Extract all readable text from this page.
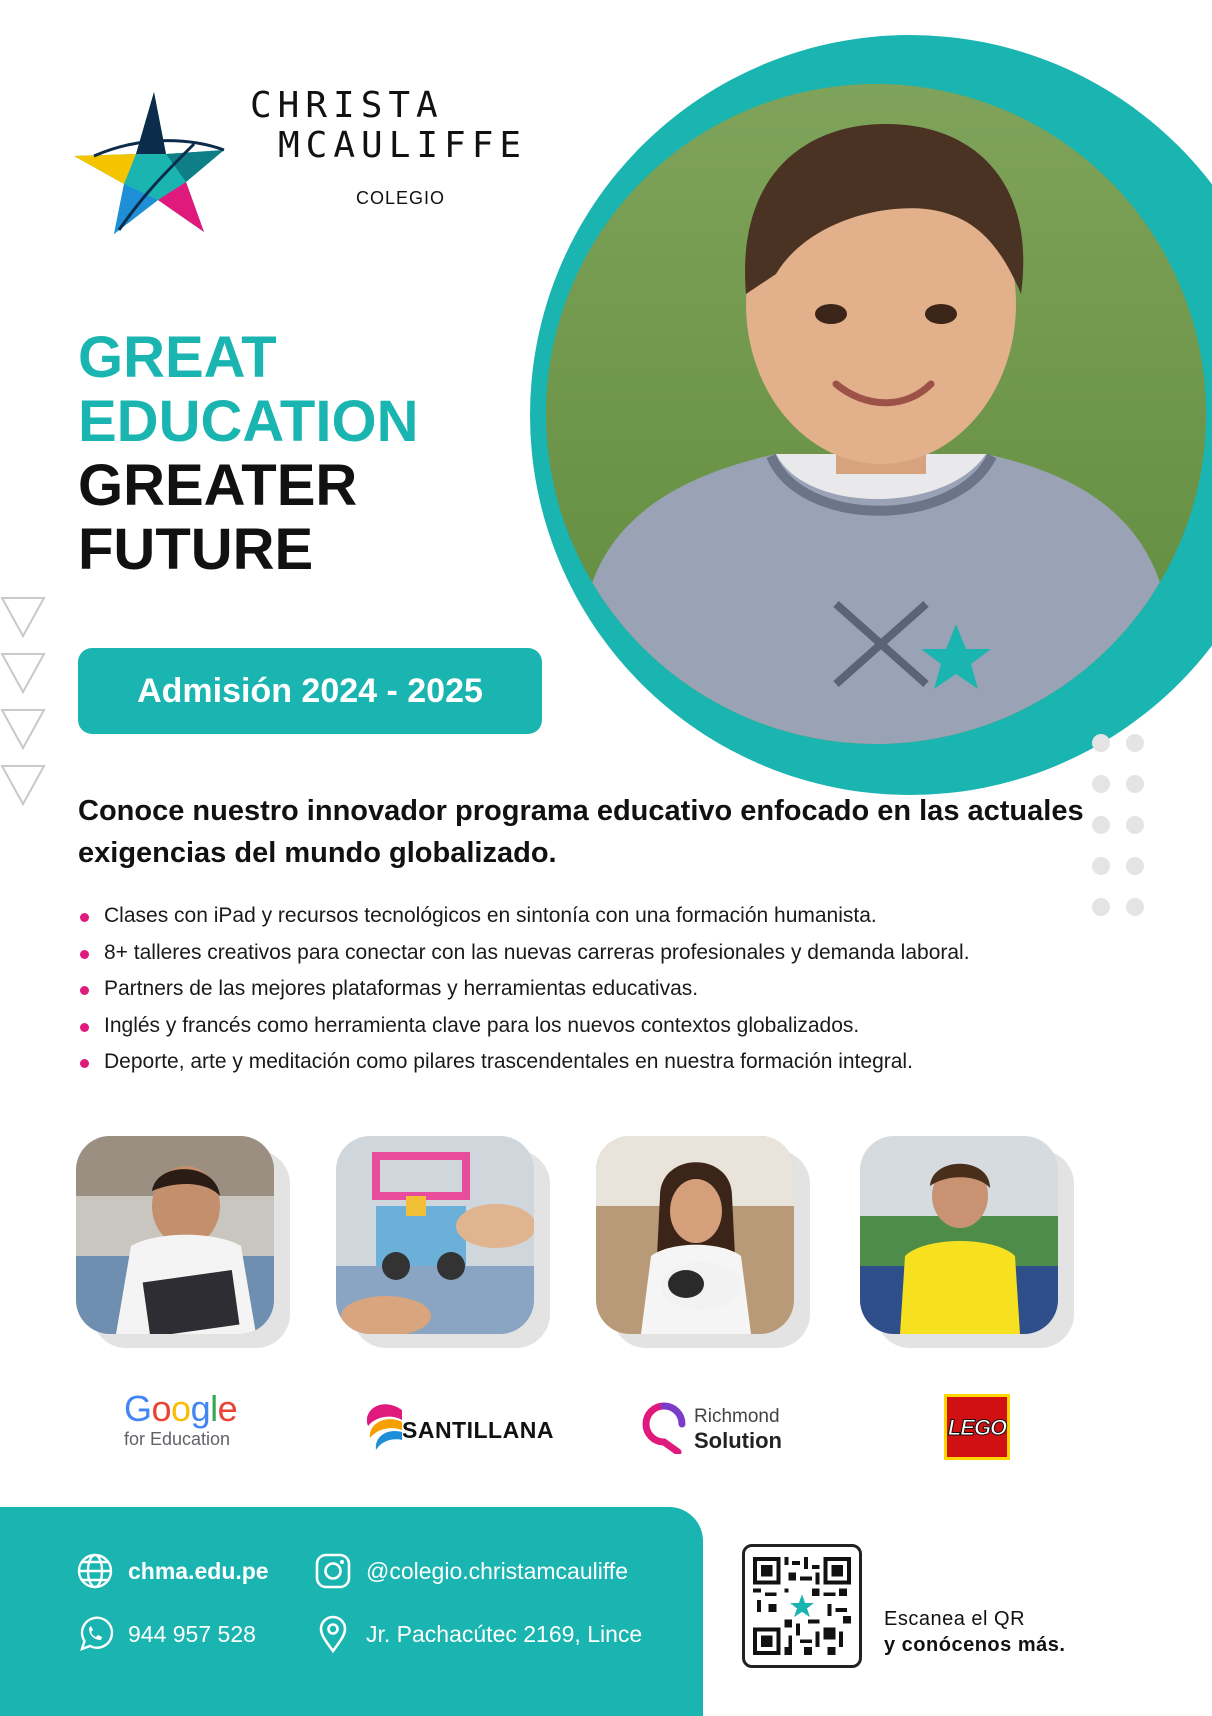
CHRISTA
MCAULIFFE
COLEGIO
GREAT
EDUCATION
GREATER
FUTURE
Admisión 2024 - 2025

Conoce nuestro innovador programa educativo enfocado en las actuales exigencias del mundo globalizado.

Clases con iPad y recursos tecnológicos en sintonía con una formación humanista.
8+ talleres creativos para conectar con las nuevas carreras profesionales y demanda laboral.
Partners de las mejores plataformas y herramientas educativas.
Inglés y francés como herramienta clave para los nuevos contextos globalizados.
Deporte, arte y meditación como pilares trascendentales en nuestra formación integral.
Google
for Education	SANTILLANA
Richmond
Solution
LEGO
chma.edu.pe
944 957 528
@colegio.christamcauliffe
Jr. Pachacútec 2169, Lince
Escanea el QR
y conócenos más.
